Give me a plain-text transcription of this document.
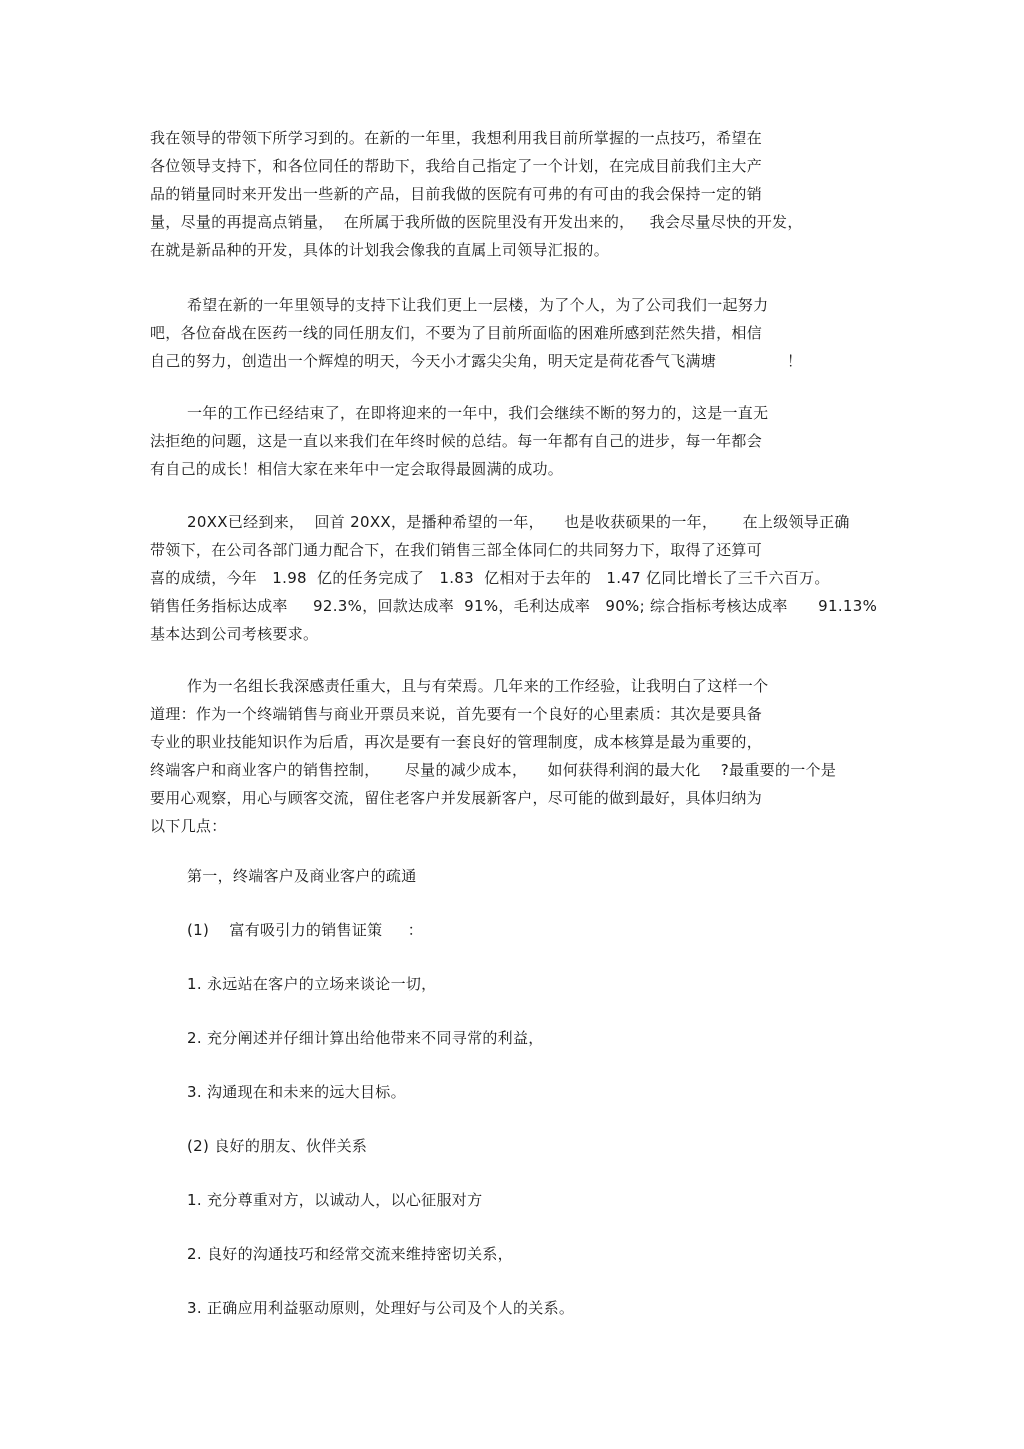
我在领导的带领下所学习到的。在新的一年里，我想利用我目前所掌握的一点技巧，希望在
各位领导支持下，和各位同任的帮助下，我给自己指定了一个计划，在完成目前我们主大产
品的销量同时来开发出一些新的产品，目前我做的医院有可弗的有可由的我会保持一定的销
量，尽量的再提高点销量，  在所属于我所做的医院里没有开发出来的，   我会尽量尽快的开发，
在就是新品种的开发，具体的计划我会像我的直属上司领导汇报的。
希望在新的一年里领导的支持下让我们更上一层楼，为了个人，为了公司我们一起努力
吧，各位奋战在医药一线的同任朋友们，不要为了目前所面临的困难所感到茫然失措，相信
自己的努力，创造出一个辉煌的明天，今天小才露尖尖角，明天定是荷花香气飞满塘              ！
一年的工作已经结束了，在即将迎来的一年中，我们会继续不断的努力的，这是一直无
法拒绝的问题，这是一直以来我们在年终时候的总结。每一年都有自己的进步，每一年都会
有自己的成长！相信大家在来年中一定会取得最圆满的成功。
20XX已经到来，  回首 20XX，是播种希望的一年，    也是收获硕果的一年，     在上级领导正确
带领下，在公司各部门通力配合下，在我们销售三部全体同仁的共同努力下，取得了还算可
喜的成绩，今年   1.98  亿的任务完成了   1.83  亿相对于去年的   1.47 亿同比增长了三千六百万。
销售任务指标达成率     92.3%，回款达成率  91%，毛利达成率   90%; 综合指标考核达成率      91.13%
基本达到公司考核要求。
作为一名组长我深感责任重大，且与有荣焉。几年来的工作经验，让我明白了这样一个
道理：作为一个终端销售与商业开票员来说，首先要有一个良好的心里素质：其次是要具备
专业的职业技能知识作为后盾，再次是要有一套良好的管理制度，成本核算是最为重要的，
终端客户和商业客户的销售控制，     尽量的减少成本，    如何获得利润的最大化    ?最重要的一个是
要用心观察，用心与顾客交流，留住老客户并发展新客户，尽可能的做到最好，具体归纳为
以下几点：
第一，终端客户及商业客户的疏通
(1)    富有吸引力的销售证策     ：
1. 永远站在客户的立场来谈论一切，
2. 充分阐述并仔细计算出给他带来不同寻常的利益，
3. 沟通现在和未来的远大目标。
(2) 良好的朋友、伙伴关系
1. 充分尊重对方，以诚动人，以心征服对方
2. 良好的沟通技巧和经常交流来维持密切关系，
3. 正确应用利益驱动原则，处理好与公司及个人的关系。
